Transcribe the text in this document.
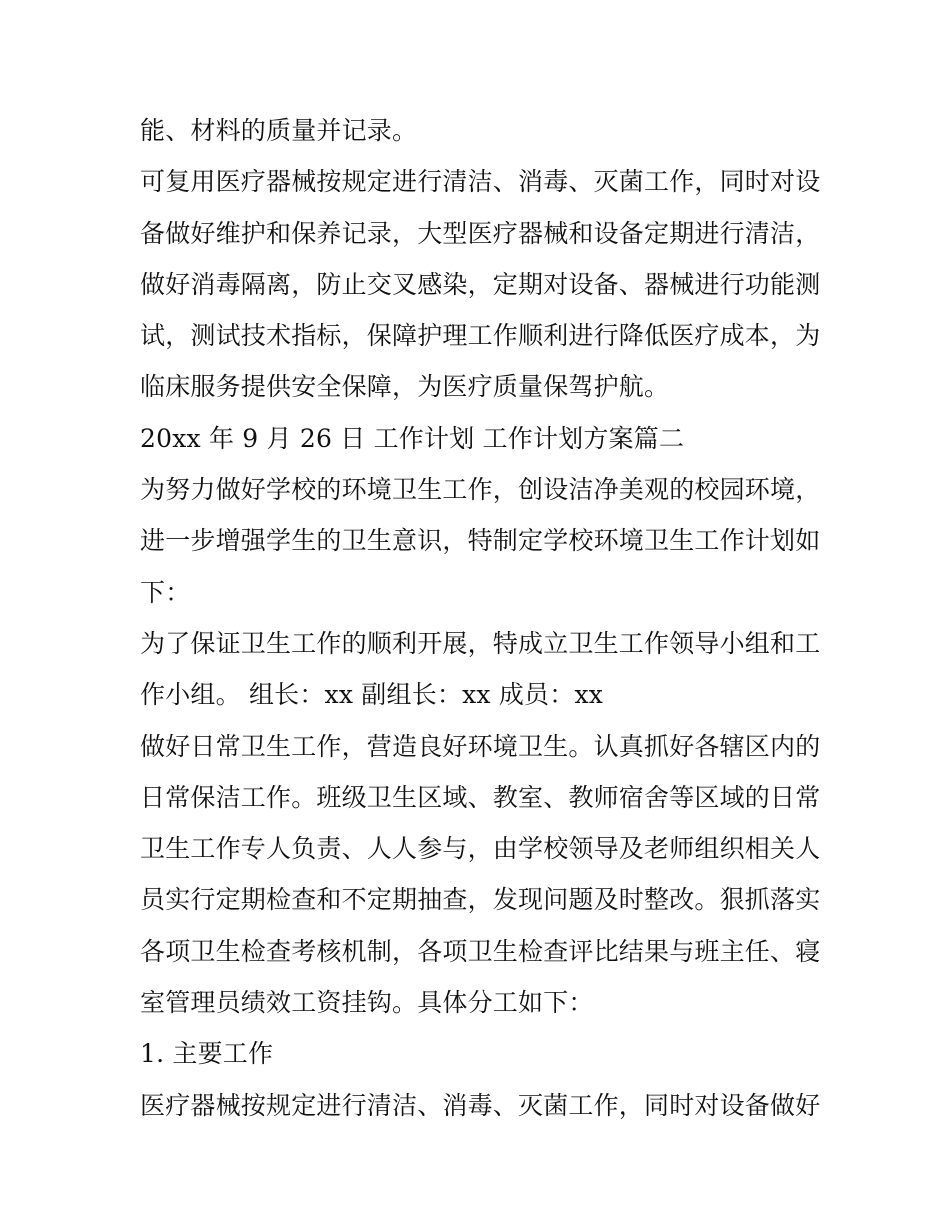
能、材料的质量并记录。
可复用医疗器械按规定进行清洁、消毒、灭菌工作，同时对设
备做好维护和保养记录，大型医疗器械和设备定期进行清洁，
做好消毒隔离，防止交叉感染，定期对设备、器械进行功能测
试，测试技术指标，保障护理工作顺利进行降低医疗成本，为
临床服务提供安全保障，为医疗质量保驾护航。
20xx 年 9 月 26 日 工作计划 工作计划方案篇二
为努力做好学校的环境卫生工作，创设洁净美观的校园环境，
进一步增强学生的卫生意识，特制定学校环境卫生工作计划如
下：
为了保证卫生工作的顺利开展，特成立卫生工作领导小组和工
作小组。 组长：xx 副组长：xx 成员：xx
做好日常卫生工作，营造良好环境卫生。认真抓好各辖区内的
日常保洁工作。班级卫生区域、教室、教师宿舍等区域的日常
卫生工作专人负责、人人参与，由学校领导及老师组织相关人
员实行定期检查和不定期抽查，发现问题及时整改。狠抓落实
各项卫生检查考核机制，各项卫生检查评比结果与班主任、寝
室管理员绩效工资挂钩。具体分工如下：
1. 主要工作
医疗器械按规定进行清洁、消毒、灭菌工作，同时对设备做好
